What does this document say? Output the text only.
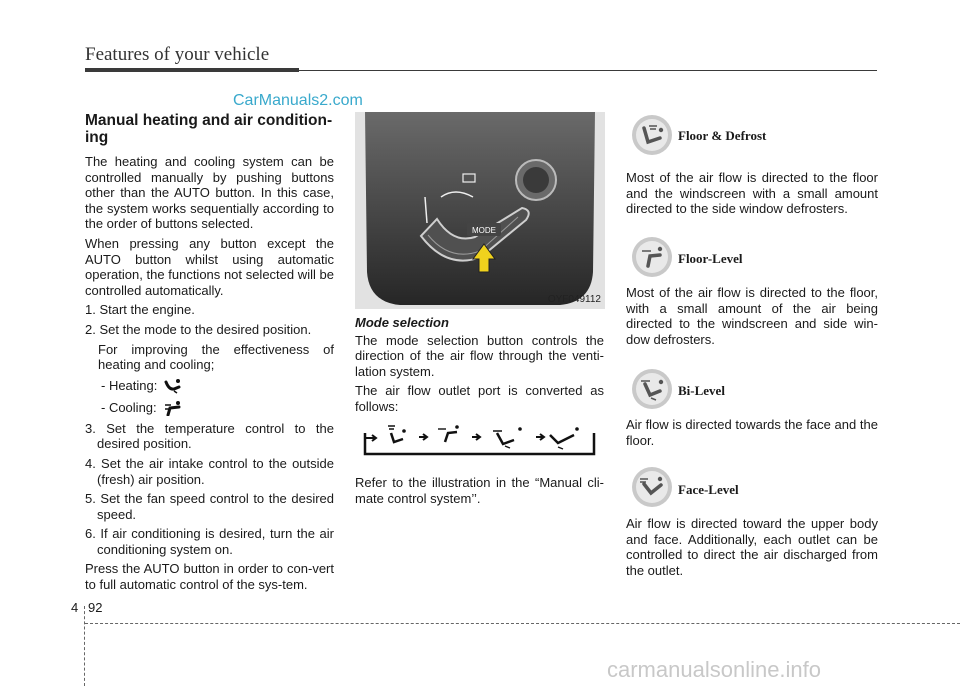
Features of your vehicle
CarManuals2.com
Manual heating and air condition-ing

The heating and cooling system can be controlled manually by pushing buttons other than the AUTO button. In this case, the system works sequentially according to the order of buttons selected.

When pressing any button except the AUTO button whilst using automatic operation, the functions not selected will be controlled automatically.

1. Start the engine.
2. Set the mode to the desired position.
For improving the effectiveness of heating and cooling;
- Heating:
- Cooling:
3. Set the temperature control to the desired position.
4. Set the air intake control to the outside (fresh) air position.
5. Set the fan speed control to the desired speed.
6. If air conditioning is desired, turn the air conditioning system on.

Press the AUTO button in order to con-vert to full automatic control of the sys-tem.

MODE
OYF049112
Mode selection

The mode selection button controls the direction of the air flow through the venti-lation system.

The air flow outlet port is converted as follows:

Refer to the illustration in the “Manual cli-mate control system’’.

Floor & Defrost
Most of the air flow is directed to the floor and the windscreen with a small amount directed to the side window defrosters.
Floor-Level
Most of the air flow is directed to the floor, with a small amount of the air being directed to the windscreen and side win-dow defrosters.
Bi-Level
Air flow is directed towards the face and the floor.
Face-Level
Air flow is directed toward the upper body and face. Additionally, each outlet can be controlled to direct the air discharged from the outlet.
4 92
carmanualsonline.info
